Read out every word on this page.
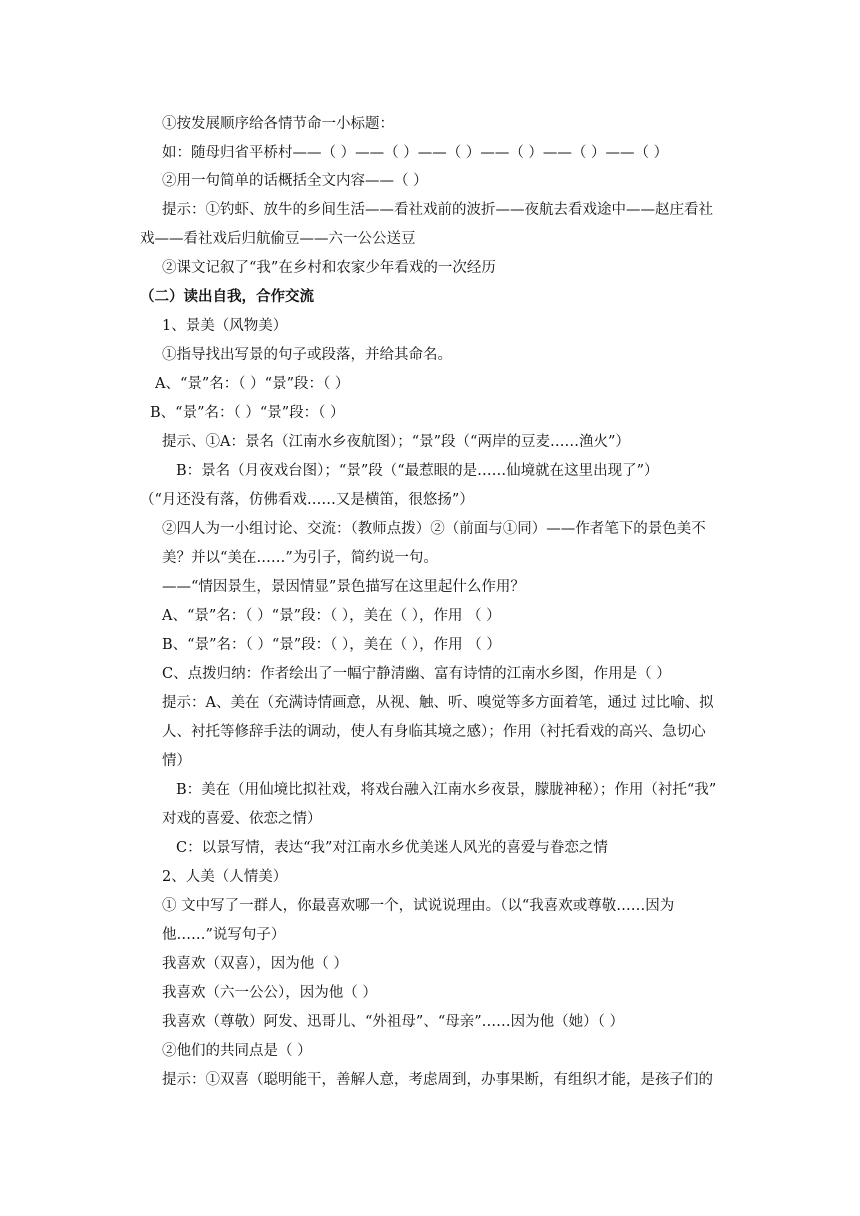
①按发展顺序给各情节命一小标题：
如：随母归省平桥村——（ ）——（ ）——（ ）——（ ）——（ ）——（ ）
②用一句简单的话概括全文内容——（ ）
提示：①钓虾、放牛的乡间生活——看社戏前的波折——夜航去看戏途中——赵庄看社
戏——看社戏后归航偷豆——六一公公送豆
②课文记叙了“我”在乡村和农家少年看戏的一次经历
（二）读出自我，合作交流
1、景美（风物美）
①指导找出写景的句子或段落，并给其命名。
A、“景”名：（ ）“景”段：（ ）
B、“景”名：（ ）“景”段：（ ）
提示、①A：景名（江南水乡夜航图）；“景”段（“两岸的豆麦……渔火”）
B：景名（月夜戏台图）；“景”段（“最惹眼的是……仙境就在这里出现了”）
（“月还没有落，仿佛看戏……又是横笛，很悠扬”）
②四人为一小组讨论、交流：（教师点拨）②（前面与①同）——作者笔下的景色美不
美？并以“美在……”为引子，简约说一句。
——“情因景生，景因情显”景色描写在这里起什么作用？
A、“景”名：（ ）“景”段：（ ），美在（ ），作用 （ ）
B、“景”名：（ ）“景”段：（ ），美在（ ），作用 （ ）
C、点拨归纳：作者绘出了一幅宁静清幽、富有诗情的江南水乡图，作用是（ ）
提示：A、美在（充满诗情画意，从视、触、听、嗅觉等多方面着笔，通过 过比喻、拟
人、衬托等修辞手法的调动，使人有身临其境之感）；作用（衬托看戏的高兴、急切心
情）
B：美在（用仙境比拟社戏，将戏台融入江南水乡夜景，朦胧神秘）；作用（衬托“我”
对戏的喜爱、依恋之情）
C：以景写情，表达“我”对江南水乡优美迷人风光的喜爱与眷恋之情
2、人美（人情美）
① 文中写了一群人，你最喜欢哪一个，试说说理由。（以“我喜欢或尊敬……因为
他……”说写句子）
我喜欢（双喜），因为他（ ）
我喜欢（六一公公），因为他（ ）
我喜欢（尊敬）阿发、迅哥儿、“外祖母”、“母亲”……因为他（她）（ ）
②他们的共同点是（ ）
提示：①双喜（聪明能干，善解人意，考虑周到，办事果断，有组织才能，是孩子们的
